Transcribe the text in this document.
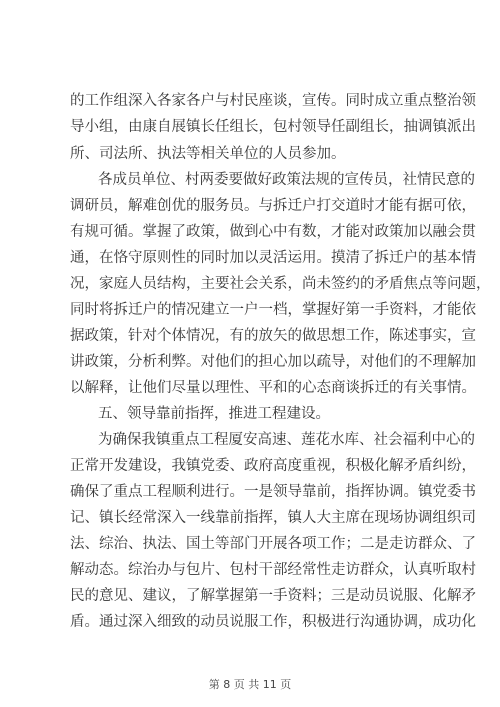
的工作组深入各家各户与村民座谈，宣传。同时成立重点整治领
导小组，由康自展镇长任组长，包村领导任副组长，抽调镇派出
所、司法所、执法等相关单位的人员参加。
各成员单位、村两委要做好政策法规的宣传员，社情民意的
调研员，解难创优的服务员。与拆迁户打交道时才能有据可依，
有规可循。掌握了政策，做到心中有数，才能对政策加以融会贯
通，在恪守原则性的同时加以灵活运用。摸清了拆迁户的基本情
况，家庭人员结构，主要社会关系，尚未签约的矛盾焦点等问题，
同时将拆迁户的情况建立一户一档，掌握好第一手资料，才能依
据政策，针对个体情况，有的放矢的做思想工作，陈述事实，宣
讲政策，分析利弊。对他们的担心加以疏导，对他们的不理解加
以解释，让他们尽量以理性、平和的心态商谈拆迁的有关事情。
五、领导靠前指挥，推进工程建设。
为确保我镇重点工程厦安高速、莲花水库、社会福利中心的
正常开发建设，我镇党委、政府高度重视，积极化解矛盾纠纷，
确保了重点工程顺利进行。一是领导靠前，指挥协调。镇党委书
记、镇长经常深入一线靠前指挥，镇人大主席在现场协调组织司
法、综治、执法、国土等部门开展各项工作；二是走访群众、了
解动态。综治办与包片、包村干部经常性走访群众，认真听取村
民的意见、建议，了解掌握第一手资料；三是动员说服、化解矛
盾。通过深入细致的动员说服工作，积极进行沟通协调，成功化
第 8 页 共 11 页
